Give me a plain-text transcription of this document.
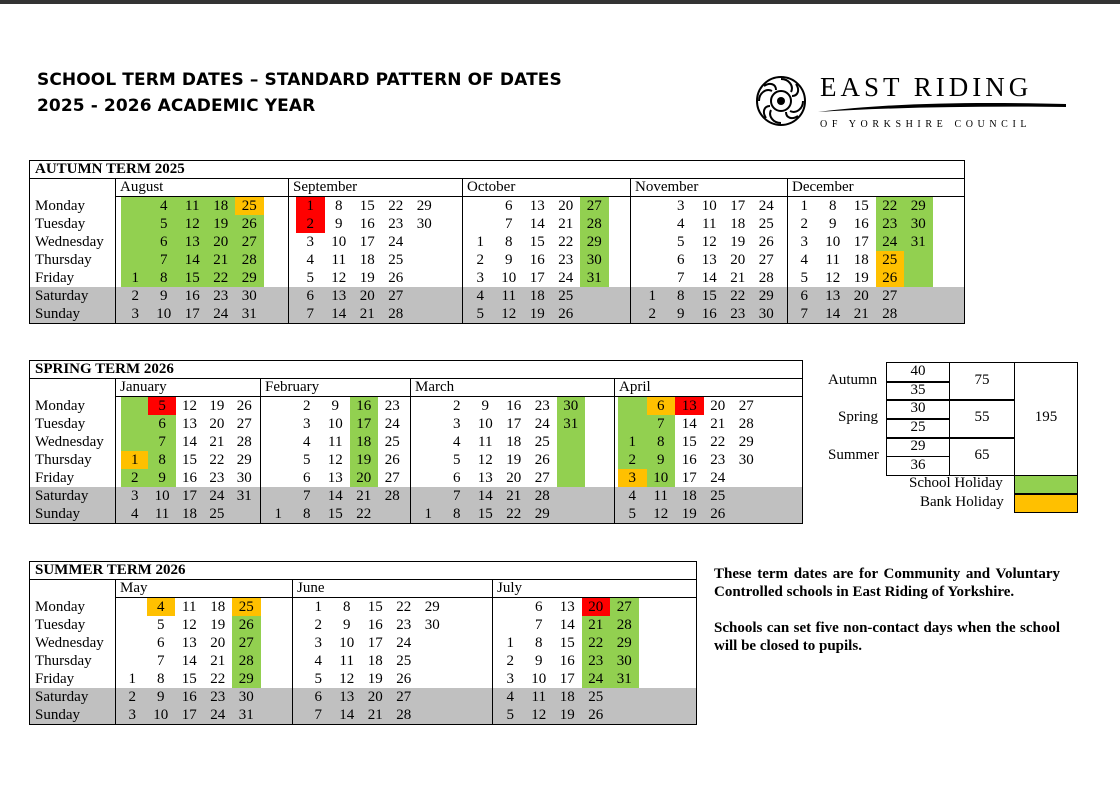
SCHOOL TERM DATES – STANDARD PATTERN OF DATES
2025 - 2026 ACADEMIC YEAR
EAST RIDING
OF YORKSHIRE COUNCIL
AUTUMN TERM 2025
Monday
Tuesday
Wednesday
Thursday
Friday
Saturday
Sunday
August
1
2
3
4
5
6
7
8
9
10
11
12
13
14
15
16
17
18
19
20
21
22
23
24
25
26
27
28
29
30
31
September
1
2
3
4
5
6
7
8
9
10
11
12
13
14
15
16
17
18
19
20
21
22
23
24
25
26
27
28
29
30
October
1
2
3
4
5
6
7
8
9
10
11
12
13
14
15
16
17
18
19
20
21
22
23
24
25
26
27
28
29
30
31
November
1
2
3
4
5
6
7
8
9
10
11
12
13
14
15
16
17
18
19
20
21
22
23
24
25
26
27
28
29
30
December
1
2
3
4
5
6
7
8
9
10
11
12
13
14
15
16
17
18
19
20
21
22
23
24
25
26
27
28
29
30
31
SPRING TERM 2026
Monday
Tuesday
Wednesday
Thursday
Friday
Saturday
Sunday
January
1
2
3
4
5
6
7
8
9
10
11
12
13
14
15
16
17
18
19
20
21
22
23
24
25
26
27
28
29
30
31
February
1
2
3
4
5
6
7
8
9
10
11
12
13
14
15
16
17
18
19
20
21
22
23
24
25
26
27
28
March
1
2
3
4
5
6
7
8
9
10
11
12
13
14
15
16
17
18
19
20
21
22
23
24
25
26
27
28
29
30
31
April
1
2
3
4
5
6
7
8
9
10
11
12
13
14
15
16
17
18
19
20
21
22
23
24
25
26
27
28
29
30
SUMMER TERM 2026
Monday
Tuesday
Wednesday
Thursday
Friday
Saturday
Sunday
May
1
2
3
4
5
6
7
8
9
10
11
12
13
14
15
16
17
18
19
20
21
22
23
24
25
26
27
28
29
30
31
June
1
2
3
4
5
6
7
8
9
10
11
12
13
14
15
16
17
18
19
20
21
22
23
24
25
26
27
28
29
30
July
1
2
3
4
5
6
7
8
9
10
11
12
13
14
15
16
17
18
19
20
21
22
23
24
25
26
27
28
29
30
31
Autumn
40
35
75
Spring
30
25
55
Summer
29
36
65
195
School Holiday
Bank Holiday

These term dates are for Community and Voluntary Controlled schools in East Riding of Yorkshire.

Schools can set five non-contact days when the school will be closed to pupils.
